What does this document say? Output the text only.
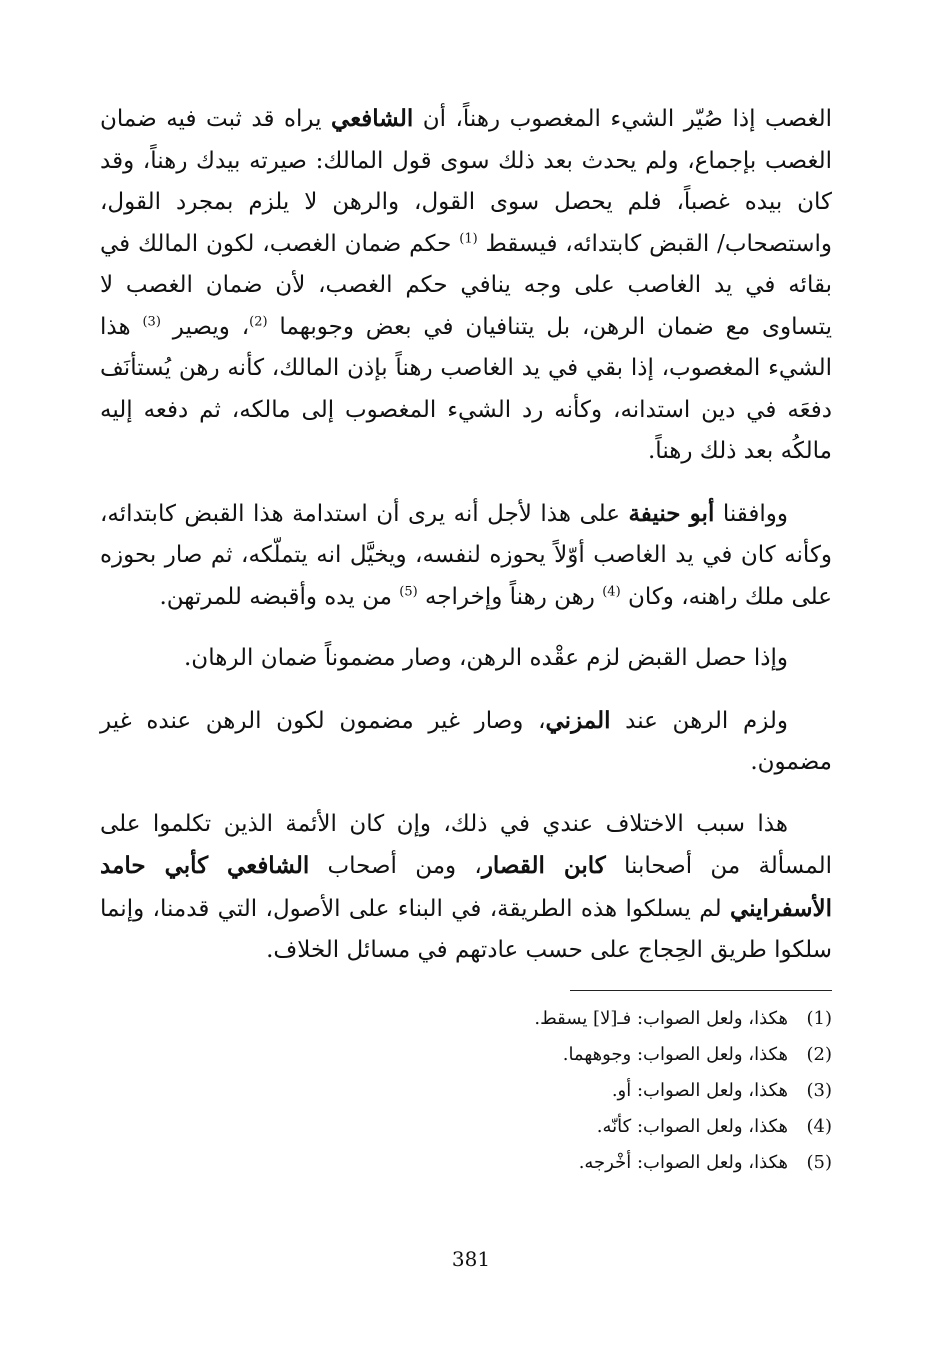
الغصب إذا صُيّر الشيء المغصوب رهناً، أن الشافعي يراه قد ثبت فيه ضمان الغصب بإجماع، ولم يحدث بعد ذلك سوى قول المالك: صيرته بيدك رهناً، وقد كان بيده غصباً، فلم يحصل سوى القول، والرهن لا يلزم بمجرد القول، واستصحاب/ القبض كابتدائه، فيسقط $^{(1)}$ حكم ضمان الغصب، لكون المالك في بقائه في يد الغاصب على وجه ينافي حكم الغصب، لأن ضمان الغصب لا يتساوى مع ضمان الرهن، بل يتنافيان في بعض وجوبهما $^{(2)}$، ويصير $^{(3)}$ هذا الشيء المغصوب، إذا بقي في يد الغاصب رهناً بإذن المالك، كأنه رهن يُستأنَف دفعَه في دين استدانه، وكأنه رد الشيء المغصوب إلى مالكه، ثم دفعه إليه مالكُه بعد ذلك رهناً.

ووافقنا أبو حنيفة على هذا لأجل أنه يرى أن استدامة هذا القبض كابتدائه، وكأنه كان في يد الغاصب أوّلاً يحوزه لنفسه، ويخيَّل انه يتملّكه، ثم صار بحوزه على ملك راهنه، وكان $^{(4)}$ رهن رهناً وإخراجه $^{(5)}$ من يده وأقبضه للمرتهن.

وإذا حصل القبض لزم عقْده الرهن، وصار مضموناً ضمان الرهان.

ولزم الرهن عند المزني، وصار غير مضمون لكون الرهن عنده غير مضمون.

هذا سبب الاختلاف عندي في ذلك، وإن كان الأئمة الذين تكلموا على المسألة من أصحابنا كابن القصار، ومن أصحاب الشافعي كأبي حامد الأسفرايني لم يسلكوا هذه الطريقة، في البناء على الأصول، التي قدمنا، وإنما سلكوا طريق الحِجاج على حسب عادتهم في مسائل الخلاف.

(1)
هكذا، ولعل الصواب: فـ[لا] يسقط.
(2)
هكذا، ولعل الصواب: وجوههما.
(3)
هكذا، ولعل الصواب: أو.
(4)
هكذا، ولعل الصواب: كأنّه.
(5)
هكذا، ولعل الصواب: أخْرجه.
381
